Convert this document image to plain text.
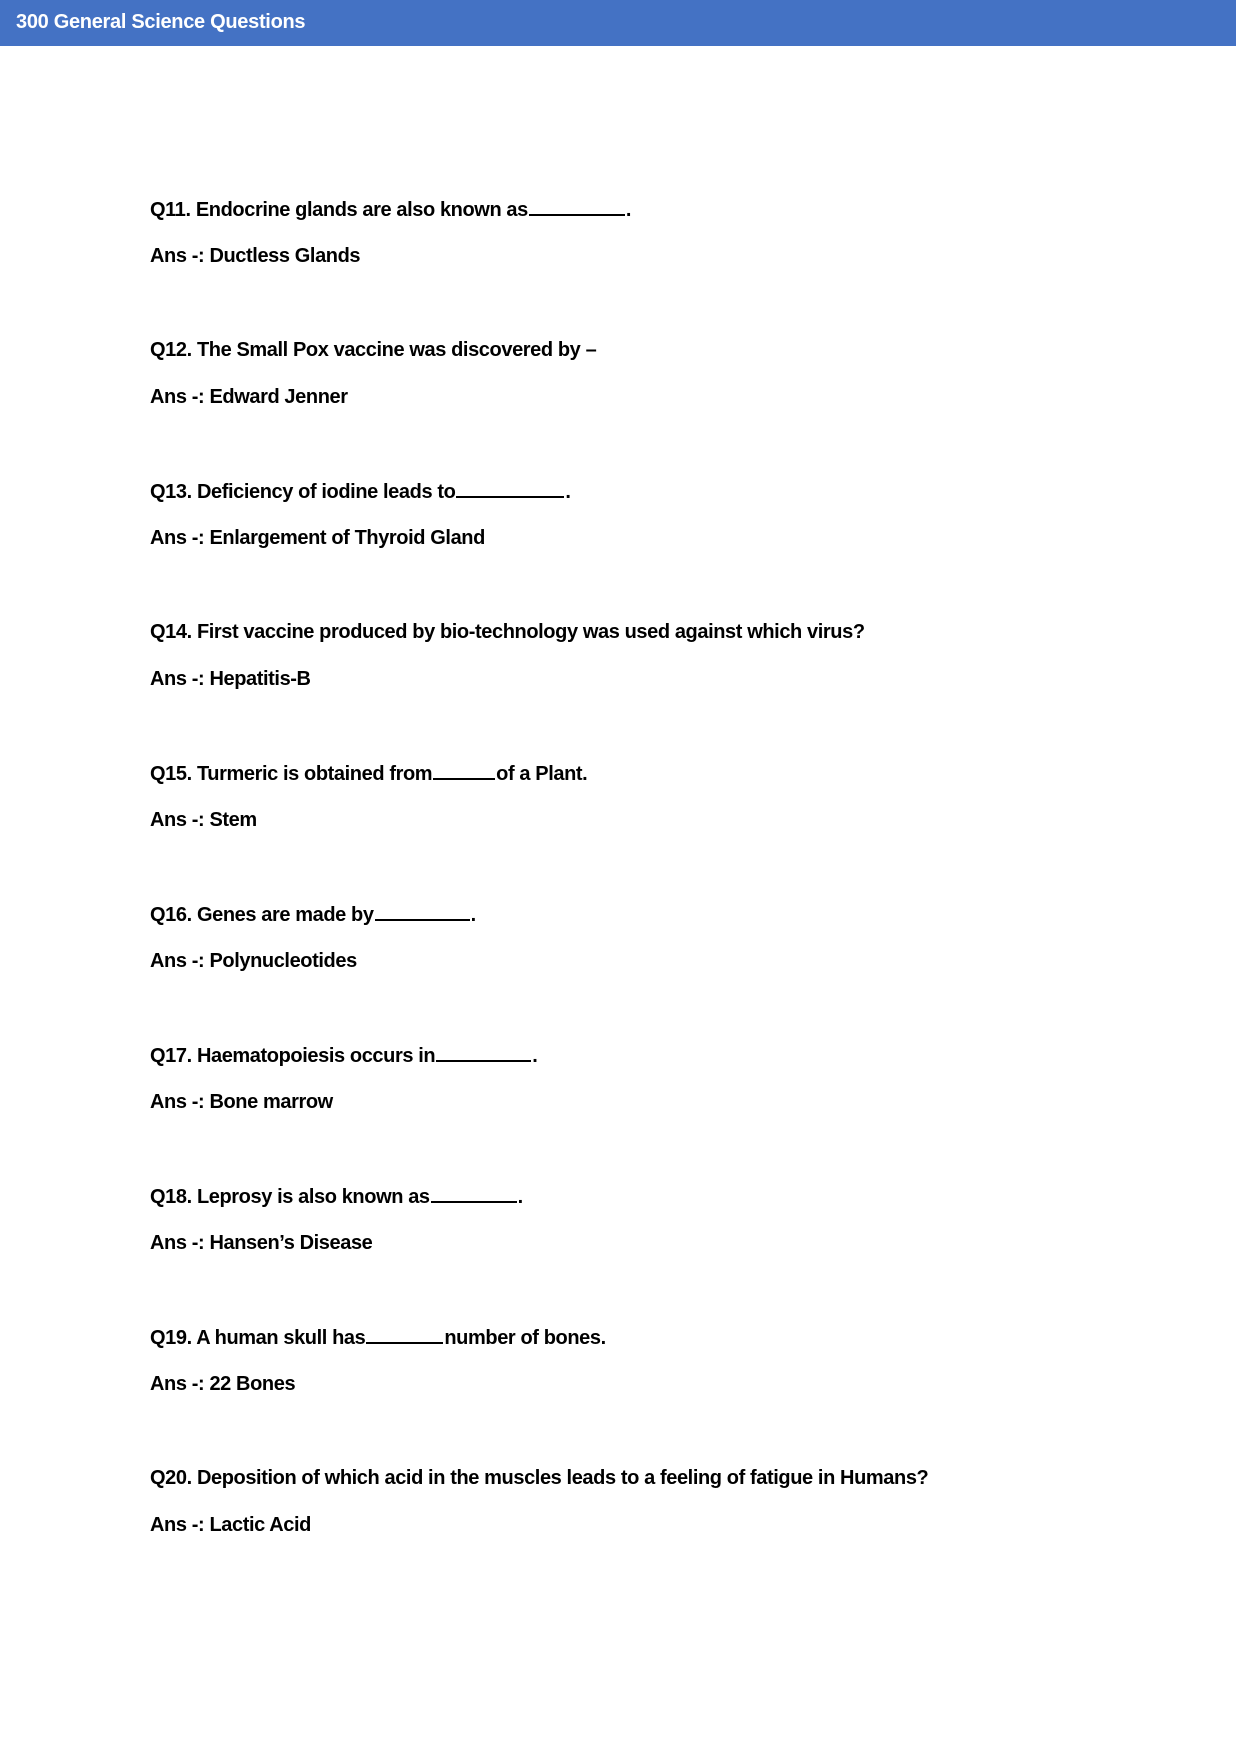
300 General Science Questions
Q11. Endocrine glands are also known as	.
Ans -: Ductless Glands
Q12. The Small Pox vaccine was discovered by –
Ans -: Edward Jenner
Q13. Deficiency of iodine leads to	.
Ans -: Enlargement of Thyroid Gland
Q14. First vaccine produced by bio-technology was used against which virus?
Ans -: Hepatitis-B
Q15. Turmeric is obtained from	of a Plant.
Ans -: Stem
Q16. Genes are made by	.
Ans -: Polynucleotides
Q17. Haematopoiesis occurs in	.
Ans -: Bone marrow
Q18. Leprosy is also known as	.
Ans -: Hansen’s Disease
Q19. A human skull has	number of bones.
Ans -: 22 Bones
Q20. Deposition of which acid in the muscles leads to a feeling of fatigue in Humans?
Ans -: Lactic Acid
